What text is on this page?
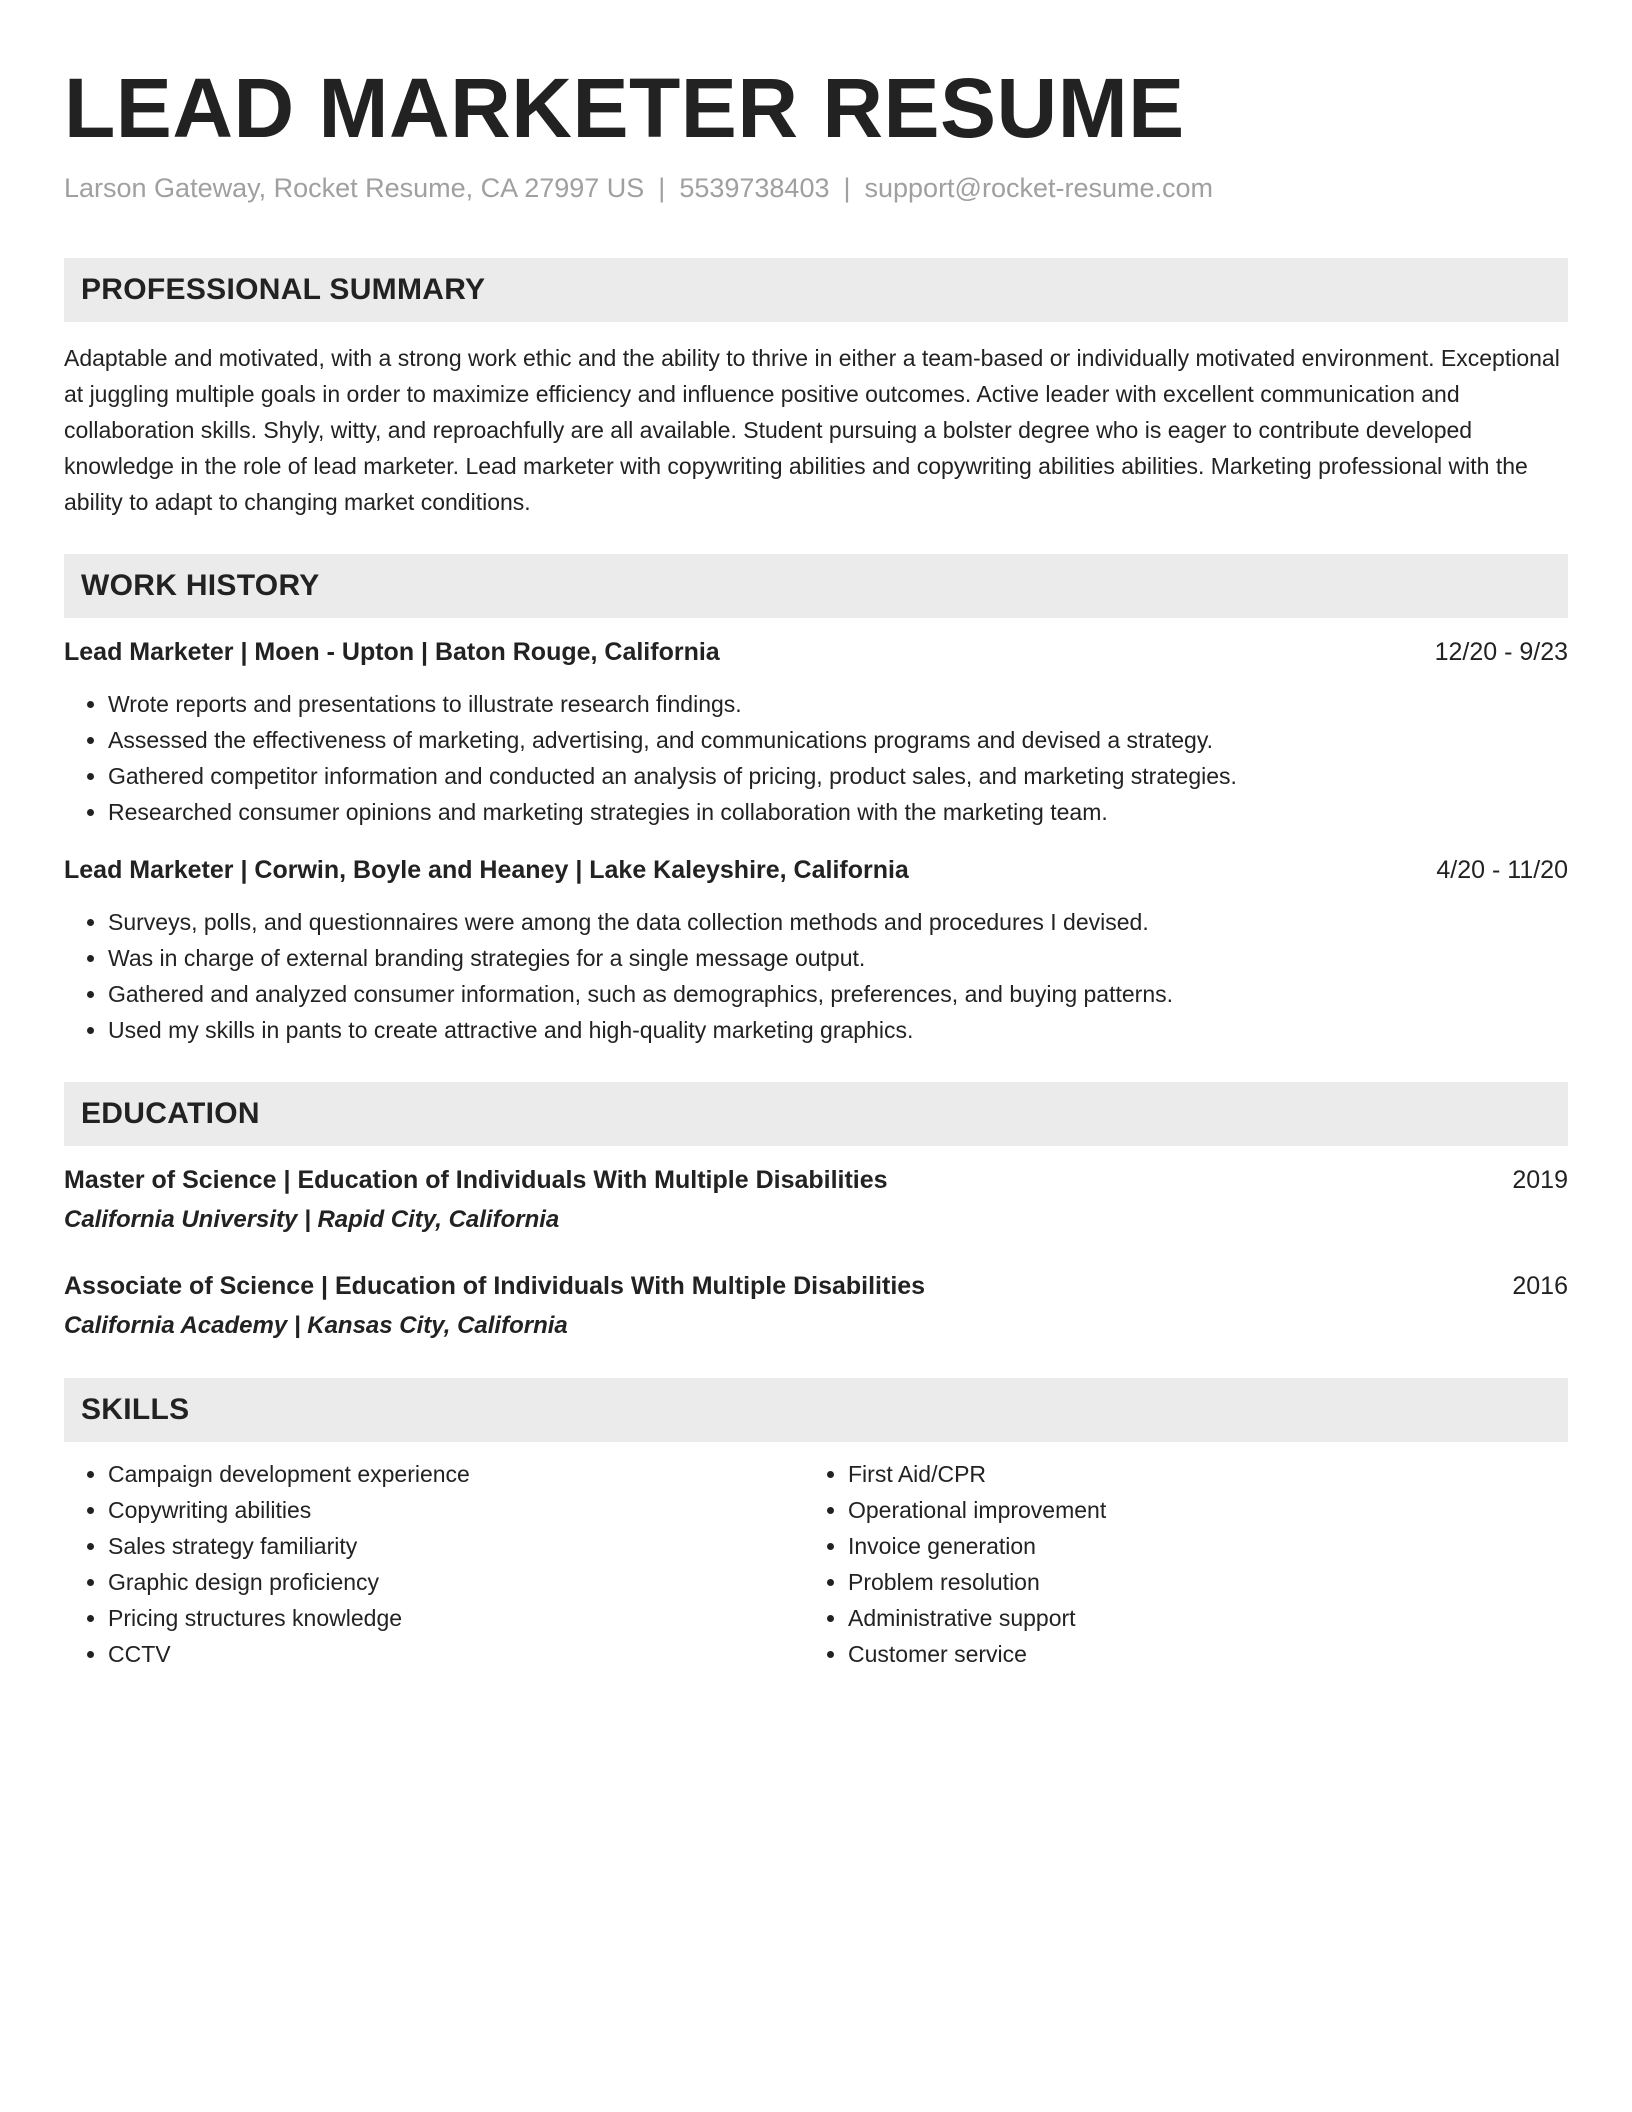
LEAD MARKETER RESUME
Larson Gateway, Rocket Resume, CA 27997 US | 5539738403 | support@rocket-resume.com
PROFESSIONAL SUMMARY

Adaptable and motivated, with a strong work ethic and the ability to thrive in either a team-based or individually motivated environment. Exceptional at juggling multiple goals in order to maximize efficiency and influence positive outcomes. Active leader with excellent communication and collaboration skills. Shyly, witty, and reproachfully are all available. Student pursuing a bolster degree who is eager to contribute developed knowledge in the role of lead marketer. Lead marketer with copywriting abilities and copywriting abilities abilities. Marketing professional with the ability to adapt to changing market conditions.

WORK HISTORY
Lead Marketer | Moen - Upton | Baton Rouge, California	12/20 - 9/23
• Wrote reports and presentations to illustrate research findings.
• Assessed the effectiveness of marketing, advertising, and communications programs and devised a strategy.
• Gathered competitor information and conducted an analysis of pricing, product sales, and marketing strategies.
• Researched consumer opinions and marketing strategies in collaboration with the marketing team.
Lead Marketer | Corwin, Boyle and Heaney | Lake Kaleyshire, California	4/20 - 11/20
• Surveys, polls, and questionnaires were among the data collection methods and procedures I devised.
• Was in charge of external branding strategies for a single message output.
• Gathered and analyzed consumer information, such as demographics, preferences, and buying patterns.
• Used my skills in pants to create attractive and high-quality marketing graphics.
EDUCATION
Master of Science | Education of Individuals With Multiple Disabilities	2019
California University | Rapid City, California
Associate of Science | Education of Individuals With Multiple Disabilities	2016
California Academy | Kansas City, California
SKILLS
• Campaign development experience
• Copywriting abilities
• Sales strategy familiarity
• Graphic design proficiency
• Pricing structures knowledge
• CCTV
• First Aid/CPR
• Operational improvement
• Invoice generation
• Problem resolution
• Administrative support
• Customer service
